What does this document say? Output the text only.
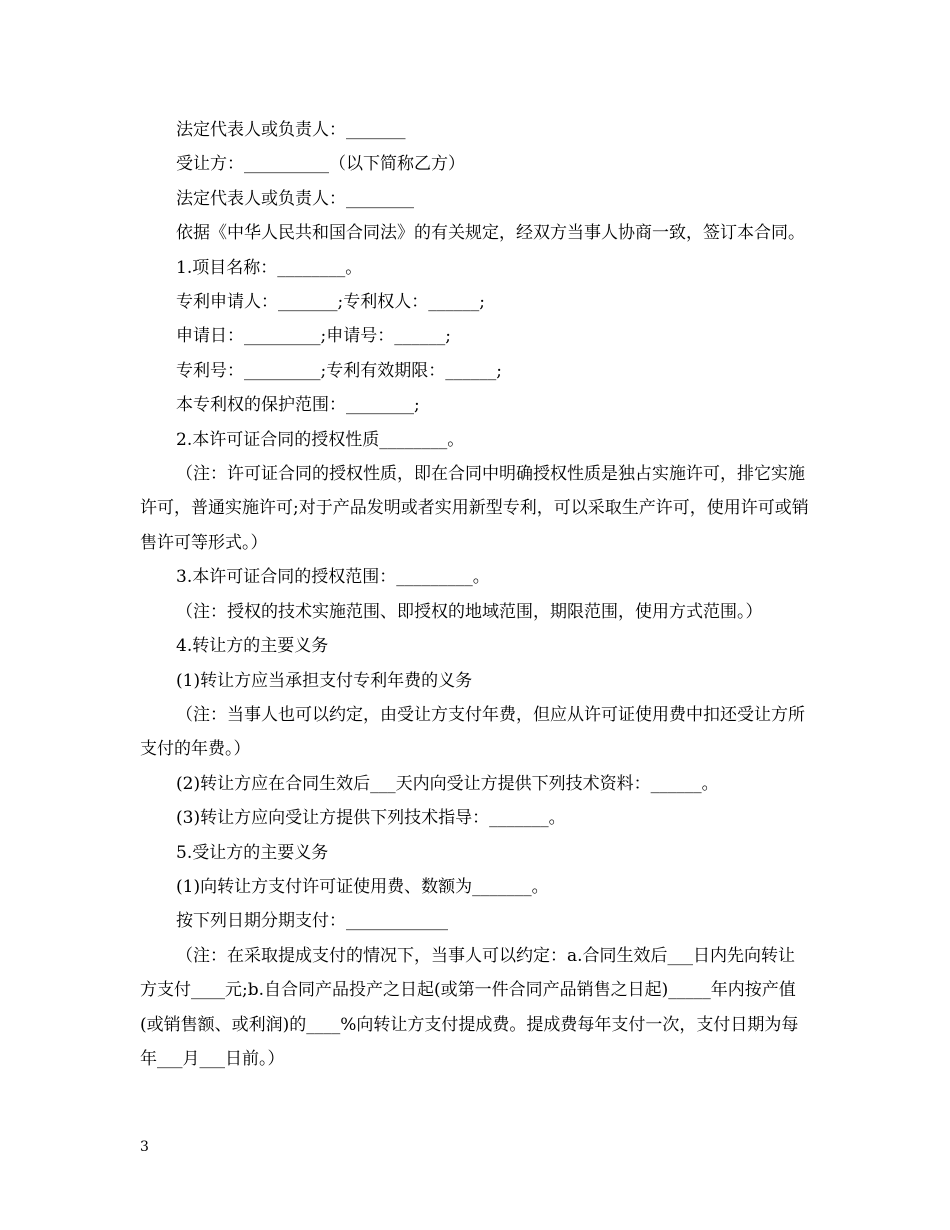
法定代表人或负责人：_______

受让方：__________（以下简称乙方）

法定代表人或负责人：________

依据《中华人民共和国合同法》的有关规定，经双方当事人协商一致，签订本合同。

1.项目名称：________。

专利申请人：_______;专利权人：______;

申请日：_________;申请号：______;

专利号：_________;专利有效期限：______;

本专利权的保护范围：________;

2.本许可证合同的授权性质________。

（注：许可证合同的授权性质，即在合同中明确授权性质是独占实施许可，排它实施许可，普通实施许可;对于产品发明或者实用新型专利，可以采取生产许可，使用许可或销售许可等形式。）

3.本许可证合同的授权范围：_________。

（注：授权的技术实施范围、即授权的地域范围，期限范围，使用方式范围。）

4.转让方的主要义务

(1)转让方应当承担支付专利年费的义务

（注：当事人也可以约定，由受让方支付年费，但应从许可证使用费中扣还受让方所支付的年费。）

(2)转让方应在合同生效后___天内向受让方提供下列技术资料：______。

(3)转让方应向受让方提供下列技术指导：_______。

5.受让方的主要义务

(1)向转让方支付许可证使用费、数额为_______。

按下列日期分期支付：____________

（注：在采取提成支付的情况下，当事人可以约定：a.合同生效后___日内先向转让方支付____元;b.自合同产品投产之日起(或第一件合同产品销售之日起)_____年内按产值(或销售额、或利润)的____%向转让方支付提成费。提成费每年支付一次，支付日期为每年___月___日前。）

3
